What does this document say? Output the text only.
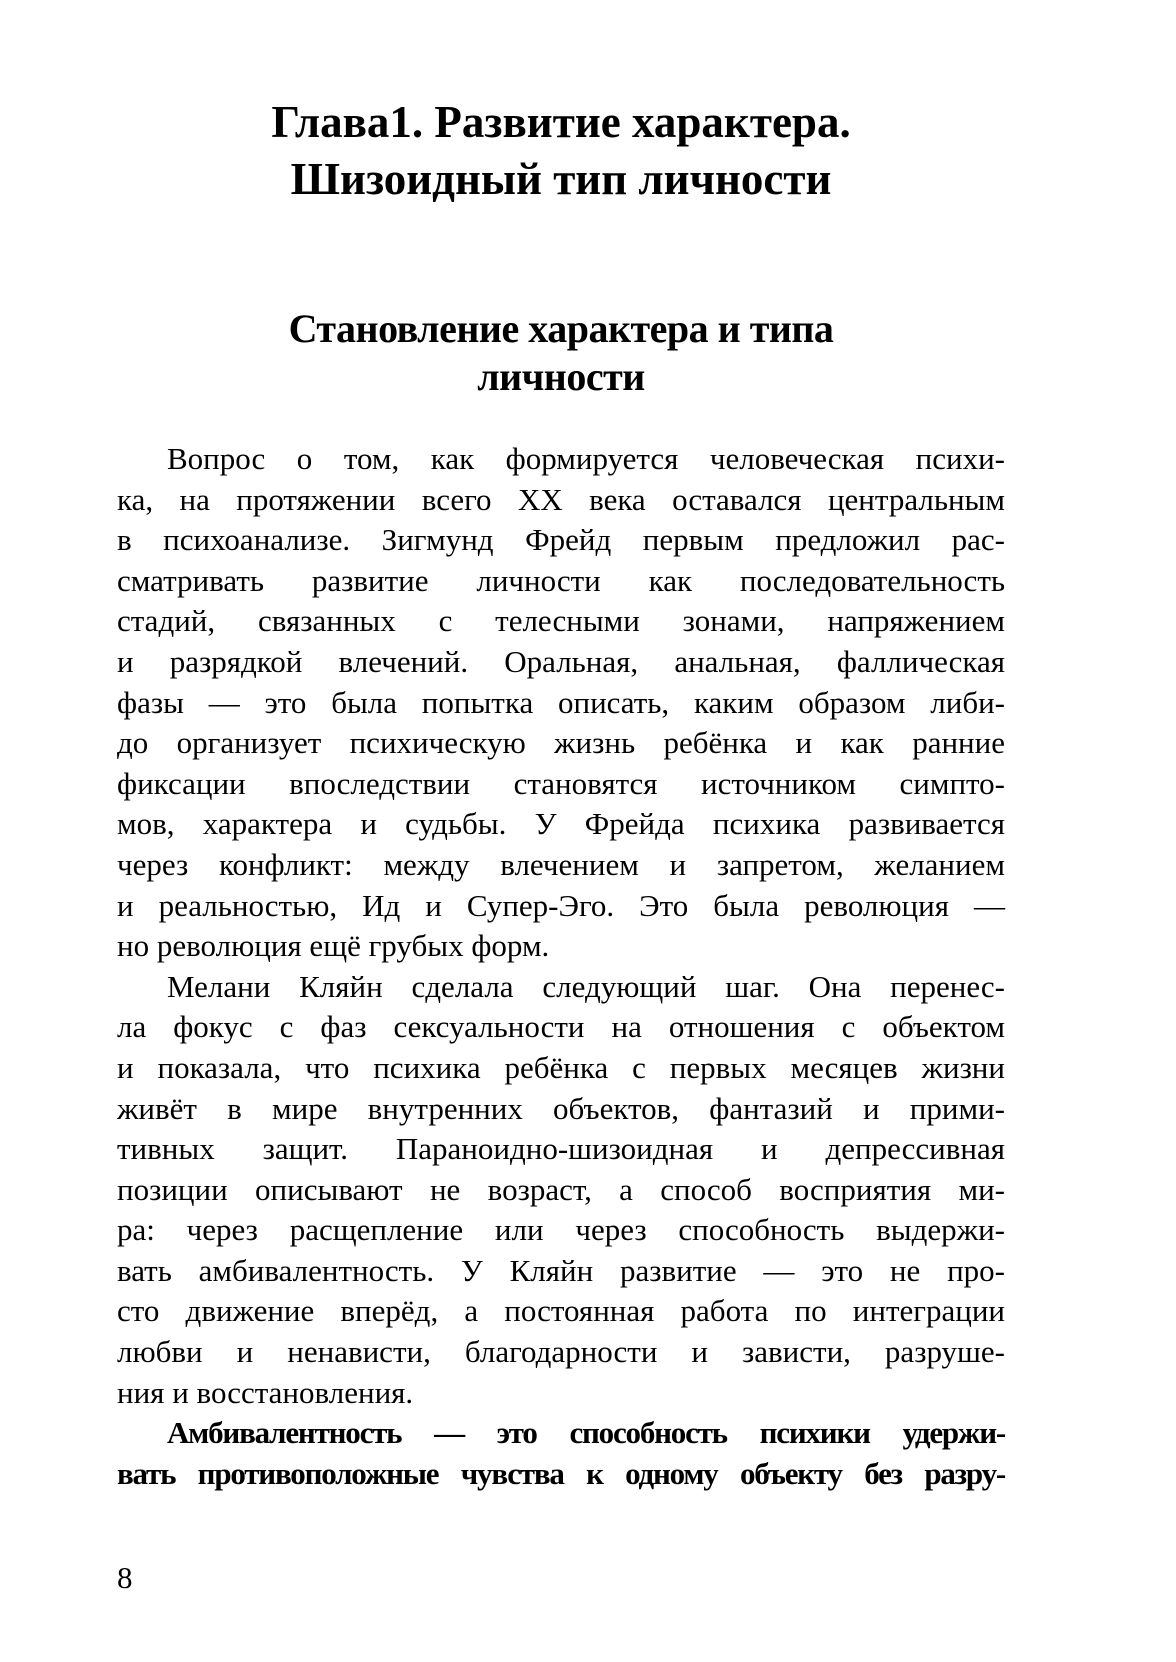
Глава1. Развитие характера.
Шизоидный тип личности
Становление характера и типа
личности

Вопрос о том, как формируется человеческая психи-
ка, на протяжении всего XX века оставался центральным
в психоанализе. Зигмунд Фрейд первым предложил рас-
сматривать развитие личности как последовательность
стадий, связанных с телесными зонами, напряжением
и разрядкой влечений. Оральная, анальная, фаллическая
фазы — это была попытка описать, каким образом либи-
до организует психическую жизнь ребёнка и как ранние
фиксации впоследствии становятся источником симпто-
мов, характера и судьбы. У Фрейда психика развивается
через конфликт: между влечением и запретом, желанием
и реальностью, Ид и Супер-Эго. Это была революция —
но революция ещё грубых форм.

Мелани Кляйн сделала следующий шаг. Она перенес-
ла фокус с фаз сексуальности на отношения с объектом
и показала, что психика ребёнка с первых месяцев жизни
живёт в мире внутренних объектов, фантазий и прими-
тивных защит. Параноидно-шизоидная и депрессивная
позиции описывают не возраст, а способ восприятия ми-
ра: через расщепление или через способность выдержи-
вать амбивалентность. У Кляйн развитие — это не про-
сто движение вперёд, а постоянная работа по интеграции
любви и ненависти, благодарности и зависти, разруше-
ния и восстановления.

Амбивалентность — это способность психики удержи-
вать противоположные чувства к одному объекту без разру-

8
